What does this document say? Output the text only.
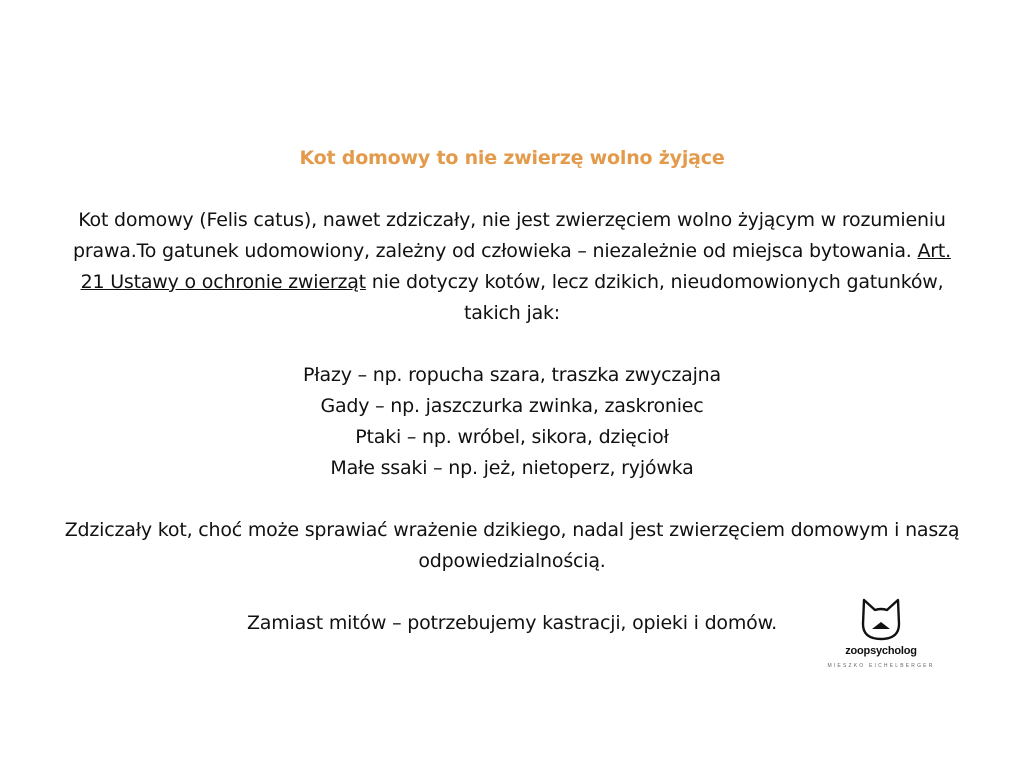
Kot domowy to nie zwierzę wolno żyjące

Kot domowy (Felis catus), nawet zdziczały, nie jest zwierzęciem wolno żyjącym w rozumieniu prawa.To gatunek udomowiony, zależny od człowieka – niezależnie od miejsca bytowania. Art. 21 Ustawy o ochronie zwierząt nie dotyczy kotów, lecz dzikich, nieudomowionych gatunków, takich jak:

Płazy – np. ropucha szara, traszka zwyczajna
Gady – np. jaszczurka zwinka, zaskroniec
Ptaki – np. wróbel, sikora, dzięcioł
Małe ssaki – np. jeż, nietoperz, ryjówka

Zdziczały kot, choć może sprawiać wrażenie dzikiego, nadal jest zwierzęciem domowym i naszą odpowiedzialnością.

Zamiast mitów – potrzebujemy kastracji, opieki i domów.

zoopsycholog
MIESZKO EICHELBERGER
